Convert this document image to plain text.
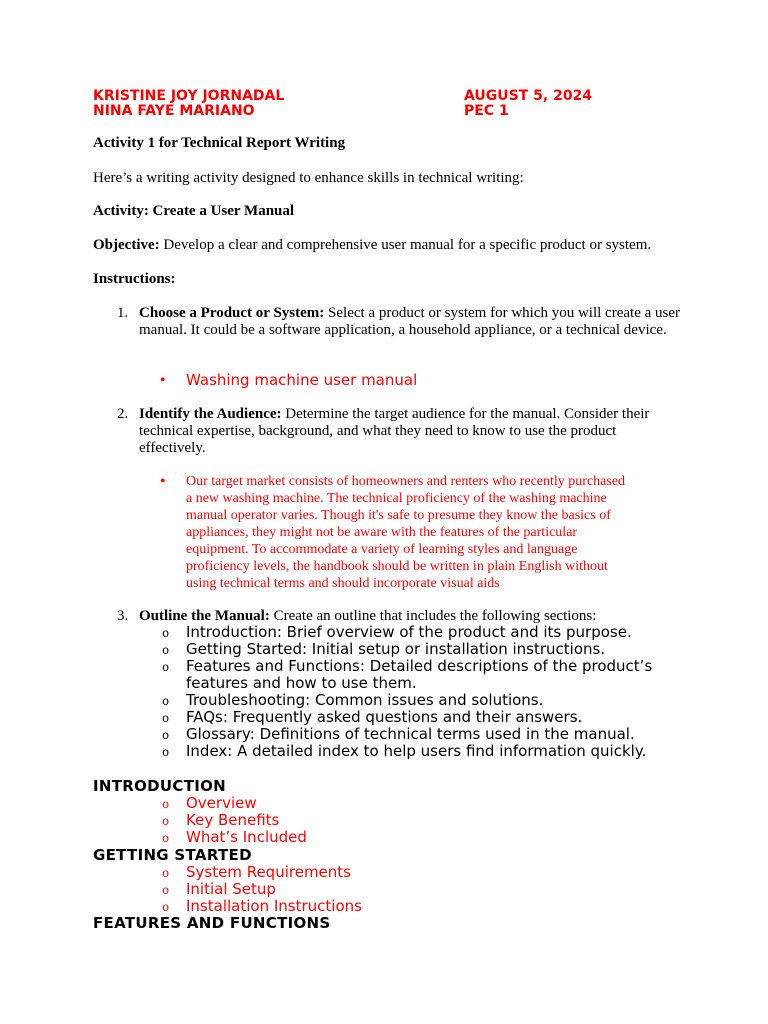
KRISTINE JOY JORNADAL
NINA FAYE MARIANO
AUGUST 5, 2024
PEC 1
Activity 1 for Technical Report Writing
Here’s a writing activity designed to enhance skills in technical writing:
Activity: Create a User Manual
Objective: Develop a clear and comprehensive user manual for a specific product or system.
Instructions:
1. Choose a Product or System: Select a product or system for which you will create a user manual. It could be a software application, a household appliance, or a technical device.
• Washing machine user manual
2. Identify the Audience: Determine the target audience for the manual. Consider their technical expertise, background, and what they need to know to use the product effectively.
• Our target market consists of homeowners and renters who recently purchased
a new washing machine. The technical proficiency of the washing machine
manual operator varies. Though it's safe to presume they know the basics of
appliances, they might not be aware with the features of the particular
equipment. To accommodate a variety of learning styles and language
proficiency levels, the handbook should be written in plain English without
using technical terms and should incorporate visual aids
3. Outline the Manual: Create an outline that includes the following sections:
o Introduction: Brief overview of the product and its purpose.
o Getting Started: Initial setup or installation instructions.
o Features and Functions: Detailed descriptions of the product’s
features and how to use them.
o Troubleshooting: Common issues and solutions.
o FAQs: Frequently asked questions and their answers.
o Glossary: Definitions of technical terms used in the manual.
o Index: A detailed index to help users find information quickly.
INTRODUCTION
o Overview
o Key Benefits
o What’s Included
GETTING STARTED
o System Requirements
o Initial Setup
o Installation Instructions
FEATURES AND FUNCTIONS
